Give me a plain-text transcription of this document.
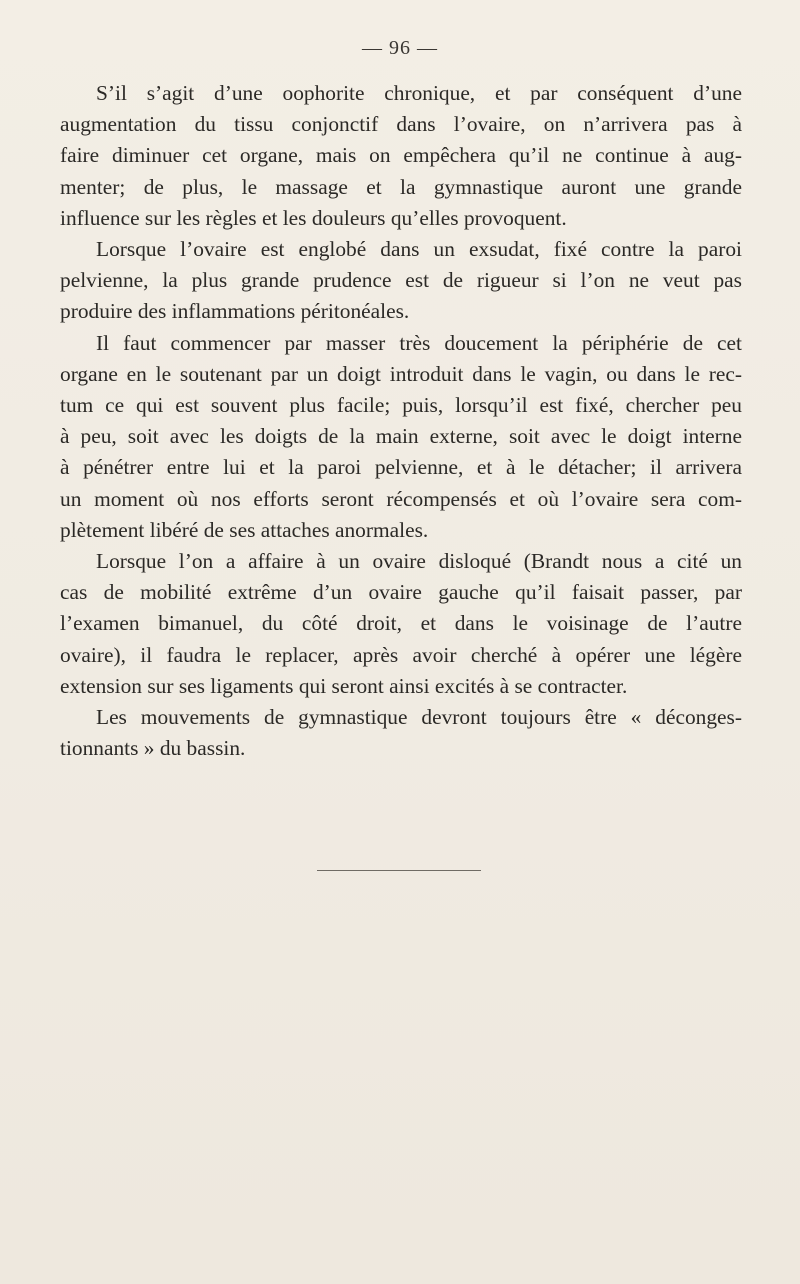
— 96 —

S’il s’agit d’une oophorite chronique, et par conséquent d’une
augmentation du tissu conjonctif dans l’ovaire, on n’arrivera pas à
faire diminuer cet organe, mais on empêchera qu’il ne continue à aug-
menter; de plus, le massage et la gymnastique auront une grande
influence sur les règles et les douleurs qu’elles provoquent.

Lorsque l’ovaire est englobé dans un exsudat, fixé contre la paroi
pelvienne, la plus grande prudence est de rigueur si l’on ne veut pas
produire des inflammations péritonéales.

Il faut commencer par masser très doucement la périphérie de cet
organe en le soutenant par un doigt introduit dans le vagin, ou dans le rec-
tum ce qui est souvent plus facile; puis, lorsqu’il est fixé, chercher peu
à peu, soit avec les doigts de la main externe, soit avec le doigt interne
à pénétrer entre lui et la paroi pelvienne, et à le détacher; il arrivera
un moment où nos efforts seront récompensés et où l’ovaire sera com-
plètement libéré de ses attaches anormales.

Lorsque l’on a affaire à un ovaire disloqué (Brandt nous a cité un
cas de mobilité extrême d’un ovaire gauche qu’il faisait passer, par
l’examen bimanuel, du côté droit, et dans le voisinage de l’autre
ovaire), il faudra le replacer, après avoir cherché à opérer une légère
extension sur ses ligaments qui seront ainsi excités à se contracter.

Les mouvements de gymnastique devront toujours être « déconges-
tionnants » du bassin.
